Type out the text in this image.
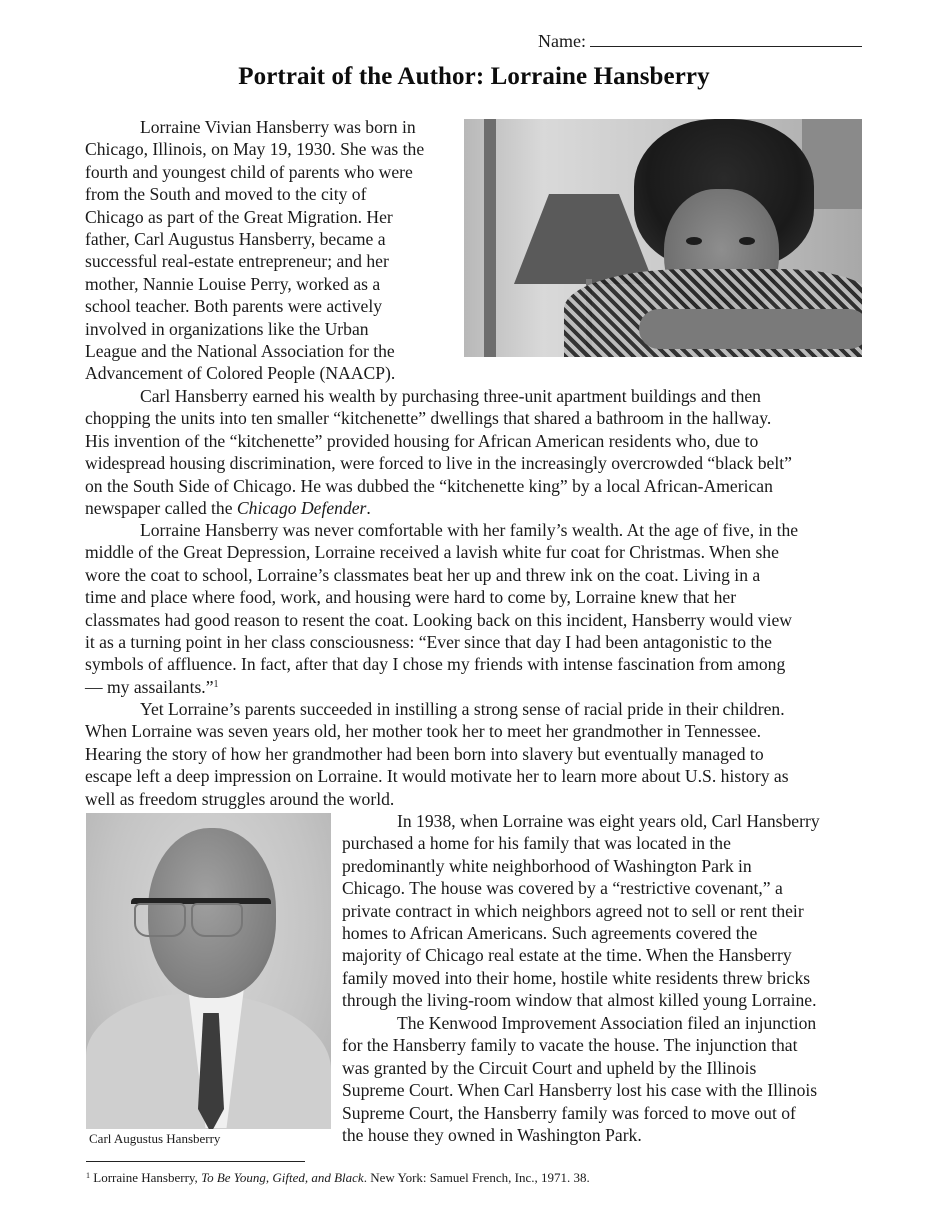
Name:
Portrait of the Author: Lorraine Hansberry
Lorraine Vivian Hansberry was born in
Chicago, Illinois, on May 19, 1930. She was the
fourth and youngest child of parents who were
from the South and moved to the city of
Chicago as part of the Great Migration. Her
father, Carl Augustus Hansberry, became a
successful real-estate entrepreneur; and her
mother, Nannie Louise Perry, worked as a
school teacher. Both parents were actively
involved in organizations like the Urban
League and the National Association for the
Advancement of Colored People (NAACP).
Carl Hansberry earned his wealth by purchasing three-unit apartment buildings and then
chopping the units into ten smaller “kitchenette” dwellings that shared a bathroom in the hallway.
His invention of the “kitchenette” provided housing for African American residents who, due to
widespread housing discrimination, were forced to live in the increasingly overcrowded “black belt”
on the South Side of Chicago. He was dubbed the “kitchenette king” by a local African-American
newspaper called the Chicago Defender.
Lorraine Hansberry was never comfortable with her family’s wealth. At the age of five, in the
middle of the Great Depression, Lorraine received a lavish white fur coat for Christmas. When she
wore the coat to school, Lorraine’s classmates beat her up and threw ink on the coat. Living in a
time and place where food, work, and housing were hard to come by, Lorraine knew that her
classmates had good reason to resent the coat. Looking back on this incident, Hansberry would view
it as a turning point in her class consciousness: “Ever since that day I had been antagonistic to the
symbols of affluence. In fact, after that day I chose my friends with intense fascination from among
— my assailants.”$^1$
Yet Lorraine’s parents succeeded in instilling a strong sense of racial pride in their children.
When Lorraine was seven years old, her mother took her to meet her grandmother in Tennessee.
Hearing the story of how her grandmother had been born into slavery but eventually managed to
escape left a deep impression on Lorraine. It would motivate her to learn more about U.S. history as
well as freedom struggles around the world.
Carl Augustus Hansberry
In 1938, when Lorraine was eight years old, Carl Hansberry
purchased a home for his family that was located in the
predominantly white neighborhood of Washington Park in
Chicago. The house was covered by a “restrictive covenant,” a
private contract in which neighbors agreed not to sell or rent their
homes to African Americans. Such agreements covered the
majority of Chicago real estate at the time. When the Hansberry
family moved into their home, hostile white residents threw bricks
through the living-room window that almost killed young Lorraine.
The Kenwood Improvement Association filed an injunction
for the Hansberry family to vacate the house. The injunction that
was granted by the Circuit Court and upheld by the Illinois
Supreme Court. When Carl Hansberry lost his case with the Illinois
Supreme Court, the Hansberry family was forced to move out of
the house they owned in Washington Park.
$^1$ Lorraine Hansberry, To Be Young, Gifted, and Black. New York: Samuel French, Inc., 1971. 38.
